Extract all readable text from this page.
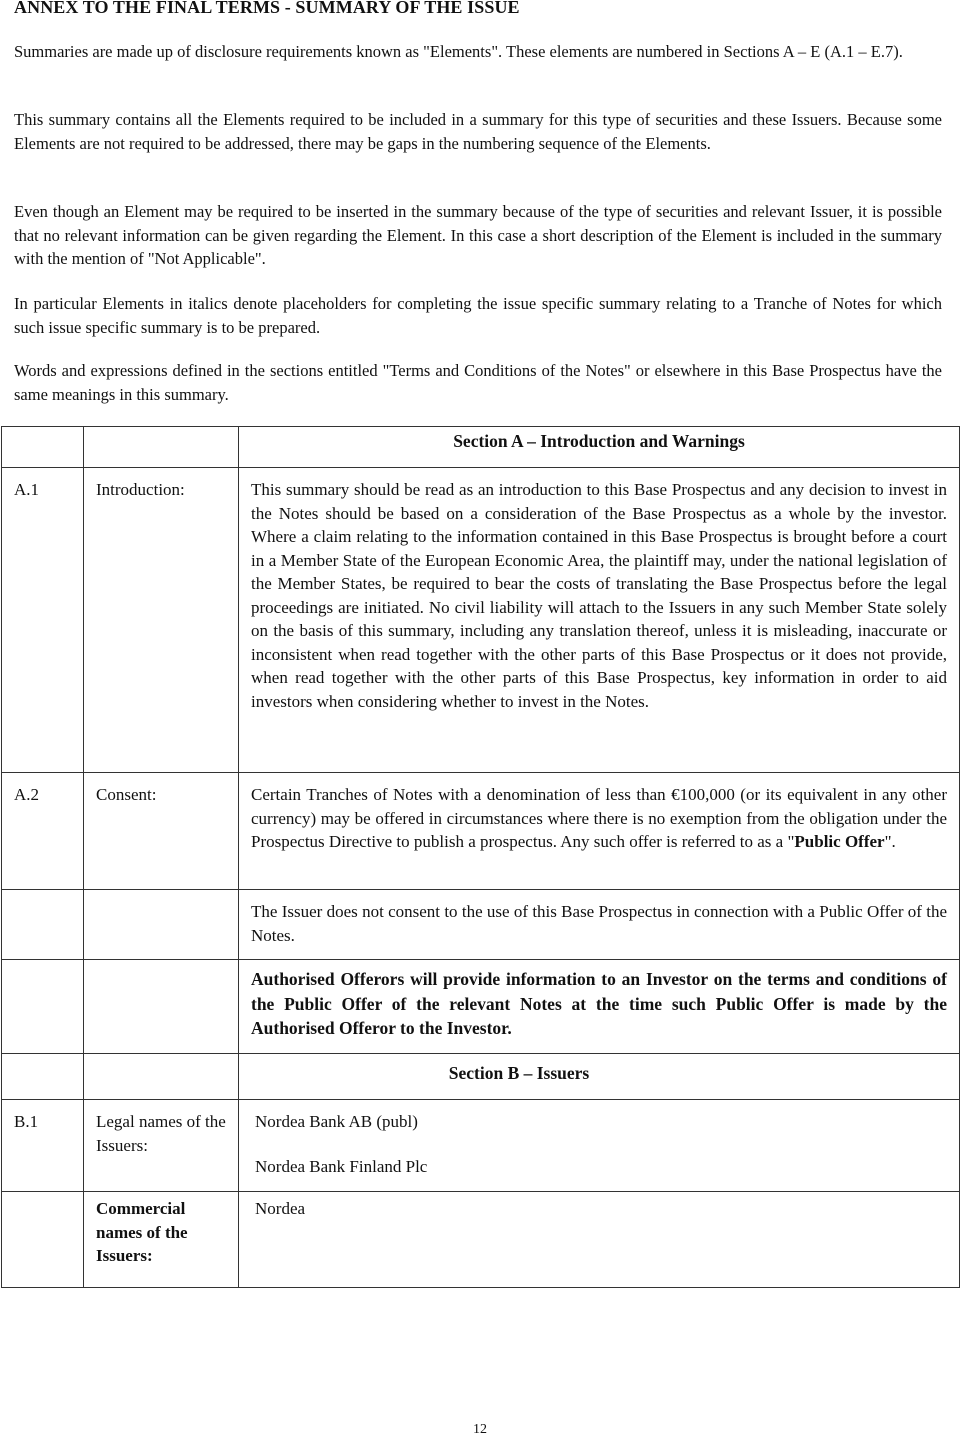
ANNEX TO THE FINAL TERMS - SUMMARY OF THE ISSUE

Summaries are made up of disclosure requirements known as "Elements". These elements are numbered in Sections A – E (A.1 – E.7).

This summary contains all the Elements required to be included in a summary for this type of securities and these Issuers. Because some Elements are not required to be addressed, there may be gaps in the numbering sequence of the Elements.

Even though an Element may be required to be inserted in the summary because of the type of securities and relevant Issuer, it is possible that no relevant information can be given regarding the Element. In this case a short description of the Element is included in the summary with the mention of "Not Applicable".

In particular Elements in italics denote placeholders for completing the issue specific summary relating to a Tranche of Notes for which such issue specific summary is to be prepared.

Words and expressions defined in the sections entitled "Terms and Conditions of the Notes" or elsewhere in this Base Prospectus have the same meanings in this summary.

		Section A – Introduction and Warnings

A.1	Introduction:	This summary should be read as an introduction to this Base Prospectus and any decision to invest in the Notes should be based on a consideration of the Base Prospectus as a whole by the investor. Where a claim relating to the information contained in this Base Prospectus is brought before a court in a Member State of the European Economic Area, the plaintiff may, under the national legislation of the Member States, be required to bear the costs of translating the Base Prospectus before the legal proceedings are initiated. No civil liability will attach to the Issuers in any such Member State solely on the basis of this summary, including any translation thereof, unless it is misleading, inaccurate or inconsistent when read together with the other parts of this Base Prospectus or it does not provide, when read together with the other parts of this Base Prospectus, key information in order to aid investors when considering whether to invest in the Notes.

A.2	Consent:	Certain Tranches of Notes with a denomination of less than €100,000 (or its equivalent in any other currency) may be offered in circumstances where there is no exemption from the obligation under the Prospectus Directive to publish a prospectus. Any such offer is referred to as a "Public Offer".

		The Issuer does not consent to the use of this Base Prospectus in connection with a Public Offer of the Notes.

		Authorised Offerors will provide information to an Investor on the terms and conditions of the Public Offer of the relevant Notes at the time such Public Offer is made by the Authorised Offeror to the Investor.

		Section B – Issuers

B.1	Legal names of the Issuers:	Nordea Bank AB (publ)
Nordea Bank Finland Plc

	Commercial names of the Issuers:	Nordea
12
